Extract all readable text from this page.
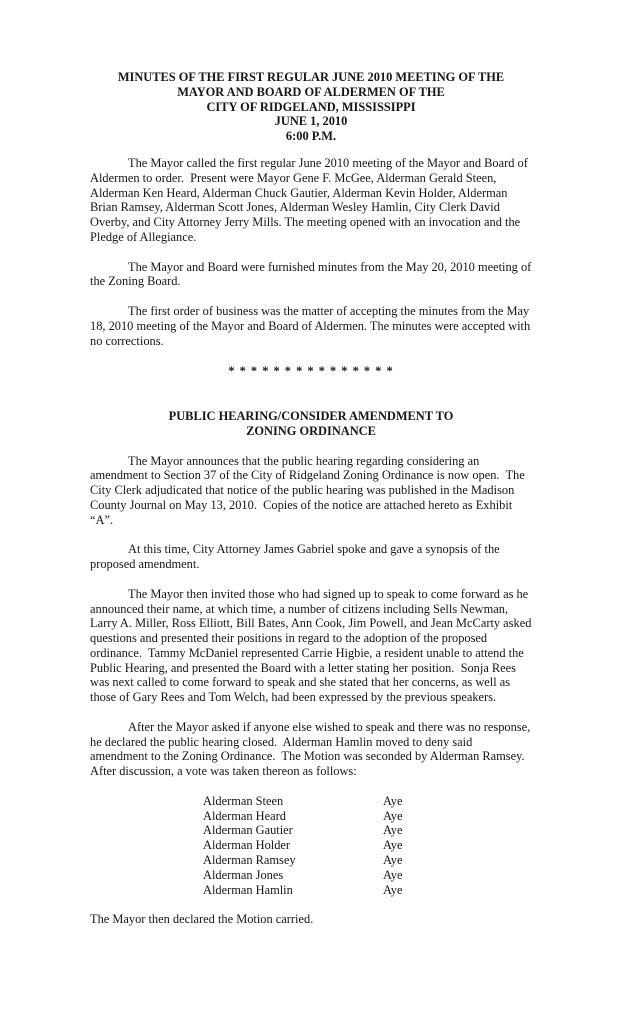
MINUTES OF THE FIRST REGULAR JUNE 2010 MEETING OF THE
MAYOR AND BOARD OF ALDERMEN OF THE
CITY OF RIDGELAND, MISSISSIPPI
JUNE 1, 2010
6:00 P.M.

The Mayor called the first regular June 2010 meeting of the Mayor and Board of Aldermen to order.  Present were Mayor Gene F. McGee, Alderman Gerald Steen, Alderman Ken Heard, Alderman Chuck Gautier, Alderman Kevin Holder, Alderman Brian Ramsey, Alderman Scott Jones, Alderman Wesley Hamlin, City Clerk David Overby, and City Attorney Jerry Mills. The meeting opened with an invocation and the Pledge of Allegiance.

The Mayor and Board were furnished minutes from the May 20, 2010 meeting of the Zoning Board.

The first order of business was the matter of accepting the minutes from the May 18, 2010 meeting of the Mayor and Board of Aldermen. The minutes were accepted with no corrections.

* * * * * * * * * * * * * * *
PUBLIC HEARING/CONSIDER AMENDMENT TO
ZONING ORDINANCE

The Mayor announces that the public hearing regarding considering an amendment to Section 37 of the City of Ridgeland Zoning Ordinance is now open.  The City Clerk adjudicated that notice of the public hearing was published in the Madison County Journal on May 13, 2010.  Copies of the notice are attached hereto as Exhibit “A”.

At this time, City Attorney James Gabriel spoke and gave a synopsis of the proposed amendment.

The Mayor then invited those who had signed up to speak to come forward as he announced their name, at which time, a number of citizens including Sells Newman, Larry A. Miller, Ross Elliott, Bill Bates, Ann Cook, Jim Powell, and Jean McCarty asked questions and presented their positions in regard to the adoption of the proposed ordinance.  Tammy McDaniel represented Carrie Higbie, a resident unable to attend the Public Hearing, and presented the Board with a letter stating her position.  Sonja Rees was next called to come forward to speak and she stated that her concerns, as well as those of Gary Rees and Tom Welch, had been expressed by the previous speakers.

After the Mayor asked if anyone else wished to speak and there was no response, he declared the public hearing closed.  Alderman Hamlin moved to deny said amendment to the Zoning Ordinance.  The Motion was seconded by Alderman Ramsey.  After discussion, a vote was taken thereon as follows:

Alderman Steen	Aye
Alderman Heard	Aye
Alderman Gautier	Aye
Alderman Holder	Aye
Alderman Ramsey	Aye
Alderman Jones	Aye
Alderman Hamlin	Aye

The Mayor then declared the Motion carried.
